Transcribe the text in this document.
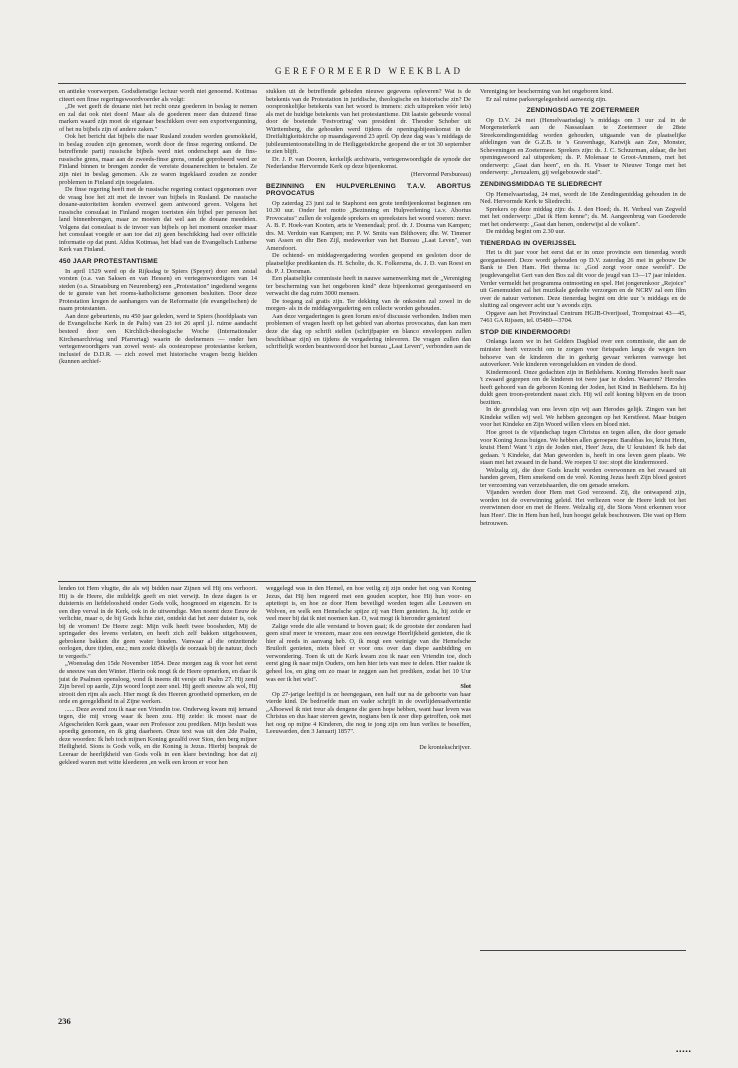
GEREFORMEERD WEEKBLAD

en antieke voorwerpen. Godsdienstige lectuur wordt niet genoemd. Kotimaa citeert een finse regeringswoordvoerder als volgt:

„De wet geeft de douane niet het recht onze goederen in beslag te nemen en zal dat ook niet doen! Maar als de goederen meer dan duizend finse marken waard zijn moet de eigenaar beschikken over een exportvergunning, of het nu bijbels zijn of andere zaken."

Ook het bericht dat bijbels die naar Rusland zouden worden gesmokkeld, in beslag zouden zijn genomen, wordt door de finse regering ontkend. De betreffende partij russische bijbels werd niet onderschept aan de fins-russische grens, maar aan de zweeds-finse grens, omdat geprobeerd werd ze Finland binnen te brengen zonder de vereiste douanerechten te betalen. Ze zijn niet in beslag genomen. Als ze waren ingeklaard zouden ze zonder problemen in Finland zijn toegelaten.

De finse regering heeft met de russische regering contact opgenomen over de vraag hoe het zit met de invoer van bijbels in Rusland. De russische douane-autoriteiten konden evenwel geen antwoord geven. Volgens het russische consulaat in Finland mogen toeristen één bijbel per persoon het land binnenbrengen, maar ze moeten dat wel aan de douane meedelen. Volgens dat consulaat is de invoer van bijbels op het moment onzeker maar het consulaat voegde er aan toe dat zij geen beschikking had over officiële informatie op dat punt. Aldus Kotimaa, het blad van de Evangelisch Lutherse Kerk van Finland.

450 JAAR PROTESTANTISME

In april 1529 werd op de Rijksdag te Spiers (Speyer) door een zestal vorsten (o.a. van Saksen en van Hessen) en vertegenwoordigers van 14 steden (o.a. Straatsburg en Neurenberg) een „Protestation" ingediend wegens de te gunste van het rooms-katholicisme genomen besluiten. Door deze Protestation kregen de aanhangers van de Reformatie (de evangelischen) de naam protestanten.

Aan deze gebeurtenis, nu 450 jaar geleden, werd te Spiers (hoofdplaats van de Evangelische Kerk in de Palts) van 23 tot 26 april j.l. ruime aandacht besteed door een Kirchlich-theologische Woche (Internationaler Kirchenarchivtag und Pfarrertag) waarin de deelnemers — onder hen vertegenwoordigers van zowel west- als oosteuropese protestantse kerken, inclusief de D.D.R. — zich zowel met historische vragen bezig hielden (kunnen archief-

stukken uit de betreffende gebieden nieuwe gegevens opleveren? Wat is de betekenis van de Protestation in juridische, theologische en historische zin? De oorspronkelijke betekenis van het woord is immers: zich uitspreken vóór iets) als met de huidige betekenis van het protestantisme. Dit laatste gebeurde vooral door de boeiende 'Festvortrag' van president dr. Theodor Schober uit Württemberg, die gehouden werd tijdens de openingsbijeenkomst in de Dreifaltigkeitskirche op maandagavond 23 april. Op deze dag was 's middags de jubileumtentoonstelling in de Heiliggeistkirche geopend die er tot 30 september te zien blijft.

Dr. J. P. van Dooren, kerkelijk archivaris, vertegenwoordigde de synode der Nederlandse Hervormde Kerk op deze bijeenkomst.

(Hervormd Persbureau)

BEZINNING EN HULPVERLENING T.A.V. ABORTUS PROVOCATUS

Op zaterdag 23 juni zal te Staphorst een grote tentbijeenkomst beginnen om 10.30 uur. Onder het motto „Bezinning en Hulpverlening t.a.v. Abortus Provocatus" zullen de volgende sprekers en spreeksters het woord voeren: mevr. A. B. F. Hoek-van Kooten, arts te Veenendaal; prof. dr. J. Douma van Kampen; drs. M. Verduin van Kampen; mr. P. W. Smits van Bilthoven; dhr. W. Timmer van Assen en dhr Ben Zijl, medewerker van het Bureau „Laat Leven", van Amersfoort.

De ochtend- en middagvergadering worden geopend en gesloten door de plaatselijke predikanten ds. H. Scholte, ds. K. Folkersma, ds. J. D. van Roest en ds. P. J. Dorsman.

Een plaatselijke commissie heeft in nauwe samenwerking met de „Vereniging ter bescherming van het ongeboren kind" deze bijeenkomst georganiseerd en verwacht die dag ruim 3000 mensen.

De toegang zal gratis zijn. Ter dekking van de onkosten zal zowel in de morgen- als in de middagvergadering een collecte worden gehouden.

Aan deze vergaderingen is geen forum en/of discussie verbonden. Indien men problemen of vragen heeft op het gebied van abortus provocatus, dan kan men deze die dag op schrift stellen (schrijfpapier en blanco enveloppen zullen beschikbaar zijn) en tijdens de vergadering inleveren. De vragen zullen dan schriftelijk worden beantwoord door het bureau „Laat Leven", verbonden aan de

Vereniging ter bescherming van het ongeboren kind.

Er zal ruime parkeergelegenheid aanwezig zijn.

ZENDINGSDAG TE ZOETERMEER

Op D.V. 24 mei (Hemelvaartsdag) 's middags om 3 uur zal in de Morgensterkerk aan de Nassaulaan te Zoetermeer de 28ste Streekzendingsmiddag worden gehouden, uitgaande van de plaatselijke afdelingen van de G.Z.B. te 's Gravenhage, Katwijk aan Zee, Monster, Scheveningen en Zoetermeer. Sprekers zijn: ds. J. C. Schuurman, aldaar, die het openingswoord zal uitspreken; ds. P. Molenaar te Groot-Ammers, met het onderwerp: „Gaat dan heen", en ds. H. Visser te Nieuwe Tonge met het onderwerp: „Jeruzalem, gij welgebouwde stad".

ZENDINGSMIDDAG TE SLIEDRECHT

Op Hemelvaartsdag, 24 mei, wordt de 18e Zendingsmiddag gehouden in de Ned. Hervormde Kerk te Sliedrecht.

Sprekers op deze middag zijn: ds. J. den Hoed; ds. H. Verheul van Zegveld met het onderwerp: „Dat ik Hem kenne"; ds. M. Aangeenbrug van Goederede met het onderwerp: „Gaat dan henen, onderwijst al de volken".

De middag begint om 2.30 uur.

TIENERDAG IN OVERIJSSEL

Het is dit jaar voor het eerst dat er in onze provincie een tienerdag wordt georganiseerd. Deze wordt gehouden op D.V. zaterdag 26 mei in gebouw De Bank te Den Ham. Het thema is: „God zorgt voor onze wereld". De jeugdevangelist Gert van den Bos zal dit voor de jeugd van 13—17 jaar inleiden. Verder vermeldt het programma ontmoeting en spel. Het jongerenkoor „Rejoice" uit Genemuiden zal het muzikale gedeelte verzorgen en de NCRV zal een film over de natuur vertonen. Deze tienerdag begint om drie uur 's middags en de sluiting zal ongeveer acht uur 's avonds zijn.

Opgave aan het Provinciaal Centrum HGJB-Overijssel, Trompstraat 43—45, 7461 GA Rijssen, tel. 05480—3704.

STOP DIE KINDERMOORD!

Onlangs lazen we in het Gelders Dagblad over een commissie, die aan de minister heeft verzocht om te zorgen voor fietspaden langs de wegen ten behoeve van de kinderen die in gedurig gevaar verkeren vanwege het autoverkeer. Vele kinderen verongelukken en vinden de dood.

Kindermoord. Onze gedachten zijn in Bethlehem. Koning Herodes heeft naar 't zwaard gegrepen om de kinderen tot twee jaar te doden. Waarom? Herodes heeft gehoord van de geboren Koning der Joden, het Kind in Bethlehem. En hij duldt geen troon-pretendent naast zich. Hij wil zelf koning blijven en de troon bezitten.

In de grondslag van ons leven zijn wij aan Herodes gelijk. Zingen van het Kindeke willen wij wel. We hebben gezongen op het Kerstfeest. Maar buigen voor het Kindeke en Zijn Woord willen vlees en bloed niet.

Hoe groot is de vijandschap tegen Christus en tegen allen, die door genade voor Koning Jezus buigen. We hebben allen geroepen: Barabbas los, kruist Hem, kruist Hem! Want 't zijn de Joden niet, Heer' Jezu, die U kruisten! Ik heb dat gedaan. 't Kindeke, dat Man geworden is, heeft in ons leven geen plaats. We staan met het zwaard in de hand. We roepen U toe: stopt die kindermoord.

Welzalig zij, die door Gods kracht worden overwonnen en het zwaard uit handen geven, Hem smekend om de vreê. Koning Jezus heeft Zijn bloed gestort ter verzoening van verzetshaarden, die om genade smeken.

Vijanden worden door Hem met God verzoend. Zij, die ontwapend zijn, worden tot de overwinning geleid. Het verliezen voor de Heere leidt tot het overwinnen door en met de Heere. Welzalig zij, die Sions Vorst erkennen voor hun Heer'. Die in Hem hun heil, hun hoogst geluk beschouwen. Die vast op Hem betrouwen.

lenden tot Hem vlugtte, die als wij bidden naar Zijnen wil Hij ons verhoort. Hij is de Heere, die mildelijk geeft en niet verwijt. In deze dagen is er duisternis en liefdeloosheid onder Gods volk, hoogmoed en eigenzin. Er is een diep verval in de Kerk, ook in de uitwendige. Men noemt deze Eeuw de verlichte, maar o, de bij Gods lichte ziet, ontdekt dat het zeer duister is, ook bij de vromen! De Heere zegt: Mijn volk heeft twee boosheden, Mij de springader des levens verlaten, en heeft zich zelf bakken uitgehouwen, gebrokene bakken die geen water houden. Vanwaar al die ontzettende oorlogen, dure tijden, enz.; men zoekt dikwijls de oorzaak bij de natuur, doch te vergeefs."

„Woensdag den 15de November 1854. Deze morgen zag ik voor het eerst de sneeuw van den Winter. Hierin ook mogt ik de Heere opmerken, en daar ik juist de Psalmen opensloeg, vond ik ineens dit versje uit Psalm 27. Hij zend Zijn bevel op aarde, Zijn woord loopt zeer snel. Hij geeft sneeuw als wol, Hij strooit den rijm als asch. Hier mogt ik des Heeren grootheid opmerken, en de orde en geregeldheid in al Zijne werken.

...... Deze avond zou ik naar een Vriendin toe. Onderweg kwam mij iemand tegen, die mij vroeg waar ik heen zou. Hij zeide: ik moest naar de Afgescheiden Kerk gaan, waar een Professor zou prediken. Mijn besluit was spoedig genomen, en ik ging daarheen. Onze text was uit den 2de Psalm, deze woorden: Ik heb toch mijnen Koning gezalfd over Sion, den berg mijner Heiligheid. Sions is Gods volk, en die Koning is Jezus. Hierbij besprak de Leeraar de heerlijkheid van Gods volk in een klare bevinding; hoe dat zij gekleed waren met witte kleederen ,en welk een kroon er voor hen

weggelegd was in den Hemel, en hoe veilig zij zijn onder het oog van Koning Jezus, dat Hij hen regeerd met een gouden scepter, hoe Hij hun voor- en aptettopt is, en hoe ze door Hem beveiligd worden tegen alle Leeuwen en Wolven, en welk een Hemelsche spijze zij van Hem genieten. Ja, hij zeide er veel meer bij dat ik niet noemen kan. O, wat mogt ik hieronder genieten!

Zalige vrede die alle verstand te boven gaat; ik de grootste der zondaren had geen straf meer te vreezen, maar zou een eeuwige Heerlijkheid genieten, die ik hier al reeds in aanvang heb. O, ik mogt een weinigje van die Hemelsche Bruiloft genieten, niets bleef er voor ons over dan diepe aanbidding en verwondering. Toen ik uit de Kerk kwam zou ik naar een Vriendin toe, doch eerst ging ik naar mijn Ouders, om hen hier iets van mee te delen. Hier raakte ik geheel los, en ging om zo maar te zeggen aan het prediken, zodat het 10 Uur was eer ik het wist".

Slot

Op 27-jarige leeftijd is ze heengegaan, een half uur na de geboorte van haar vierde kind. De bedroefde man en vader schrijft in de overlijdensadvertentie „Alhoewel ik niet treur als dengene die geen hope hebben, want haar leven was Christus en dus haar sterven gewin, nogtans ben ik zeer diep getroffen, ook met het oog op mijne 4 Kinderen, die nog te jong zijn om hun verlies te beseffen, Leeuwarden, den 3 Januarij 1857".

De kroniekschrijver.

236
▪▪▪▪▪
